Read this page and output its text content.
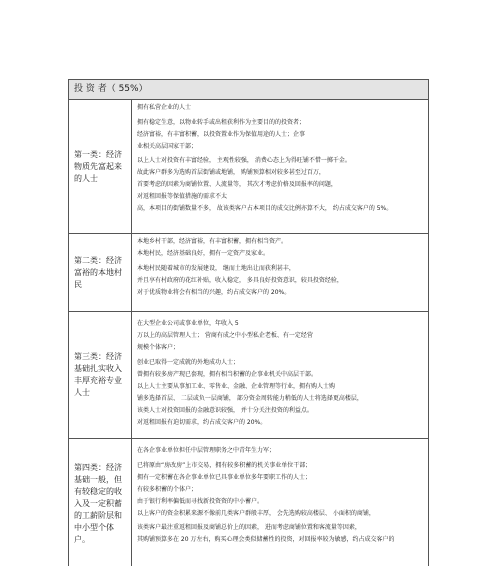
投 资 者（ 55%）
第一类：经济物质先富起来的人士

拥有私营企业的人士

拥有稳定生意，以物业转手或出租获利作为主要目的的投资者；

经济富裕，有丰富积蓄，以投资置业作为保值用途的人士；企事

业相关高层国家干部；

以上人士对投资有丰富经验， 主观性较强， 消费心态上为得旺铺不惜一掷千金。

故此客户群多为选购首层街铺或地铺， 购铺预算相对较多甚至过百万，

首要考虑的因素为商铺位置、人流量等， 其次才考虑价格及回报率的问题，

对返租回报等保值措施的需求不太

高，本项目的街铺数量不多， 故该类客户占本项目的成交比例亦算不大， 约占成交客户的 5%。

第二类：经济富裕的本地村民

本地乡村干部，经济富裕，有丰富积蓄，拥有相当资产。

本地村民，经济基础良好，拥有一定资产及家业。

本地村民随着城市的发展建设， 继而土地出让而获利甚丰，

并且享有村政府的花红补贴，收入稳定， 多具良好投资意识，较具投资经验，

对于优质物业将会有相当的兴趣，约占成交客户的 20%。

第三类：经济基础扎实收入丰厚充裕专业人士

在大型企业公司或事业单位，年收入 5

万以上的高层管理人士； 营商有成之中小型私企老板、有一定经营

规模个体客户；

创业已取得一定成就的外地成功人士；

曾拥有较多房产现已套现，拥有相当积蓄的企事业机关中高层干部。

以上人士主要从事加工业、零售业、金融、企业管理等行业，拥有购人士购

铺多选择首层、 二层或负一层商铺， 部分资金周转能力稍低的人士将选择更高楼层，

该类人士对投资回报的金融意识较强， 并十分关注投资的利益点。

对返租回报有迫切需求，约占成交客户的 20%。

第四类：经济基础一般，但有较稳定的收入及一定积蓄的工薪阶层和中小型个体户。

在各企事业单位担任中层管理职务之中青年生力军；

已将原由“房改房”上市交易，拥有较多积蓄的机关事业单位干部；

拥有一定积蓄在各企事业单位已具事业单位多年要职工作的人士；

有较多积蓄的个体户；

由于银行利率偏低而寻找新投资资的中小蓄户。

以上客户的资金积累来源不像前几类客户群般丰厚， 会先选购较高楼层、 小面积的商铺，

该类客户最注重返租回报及商铺总价上的因素， 进而考虑商铺位置和客流量等因素，

其购铺预算多在 20 万左右，购买心理会类似储蓄性的投资，对回报率较为敏感，约占成交客户的
